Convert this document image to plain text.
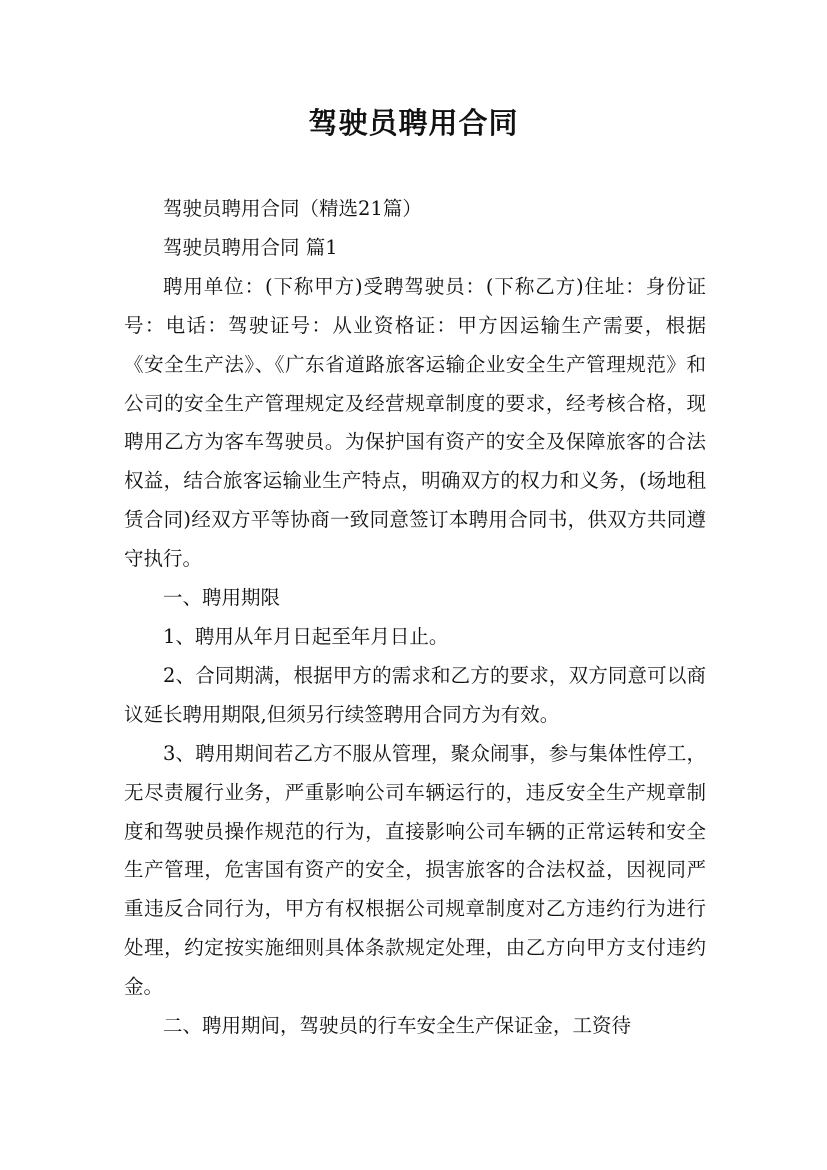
驾驶员聘用合同

驾驶员聘用合同（精选21篇）

驾驶员聘用合同 篇1

聘用单位：(下称甲方)受聘驾驶员：(下称乙方)住址：身份证号：电话：驾驶证号：从业资格证：甲方因运输生产需要，根据《安全生产法》、《广东省道路旅客运输企业安全生产管理规范》和公司的安全生产管理规定及经营规章制度的要求，经考核合格，现聘用乙方为客车驾驶员。为保护国有资产的安全及保障旅客的合法权益，结合旅客运输业生产特点，明确双方的权力和义务，(场地租赁合同)经双方平等协商一致同意签订本聘用合同书，供双方共同遵守执行。

一、聘用期限

1、聘用从年月日起至年月日止。

2、合同期满，根据甲方的需求和乙方的要求，双方同意可以商议延长聘用期限,但须另行续签聘用合同方为有效。

3、聘用期间若乙方不服从管理，聚众闹事，参与集体性停工，无尽责履行业务，严重影响公司车辆运行的，违反安全生产规章制度和驾驶员操作规范的行为，直接影响公司车辆的正常运转和安全生产管理，危害国有资产的安全，损害旅客的合法权益，因视同严重违反合同行为，甲方有权根据公司规章制度对乙方违约行为进行处理，约定按实施细则具体条款规定处理，由乙方向甲方支付违约金。

二、聘用期间，驾驶员的行车安全生产保证金，工资待
